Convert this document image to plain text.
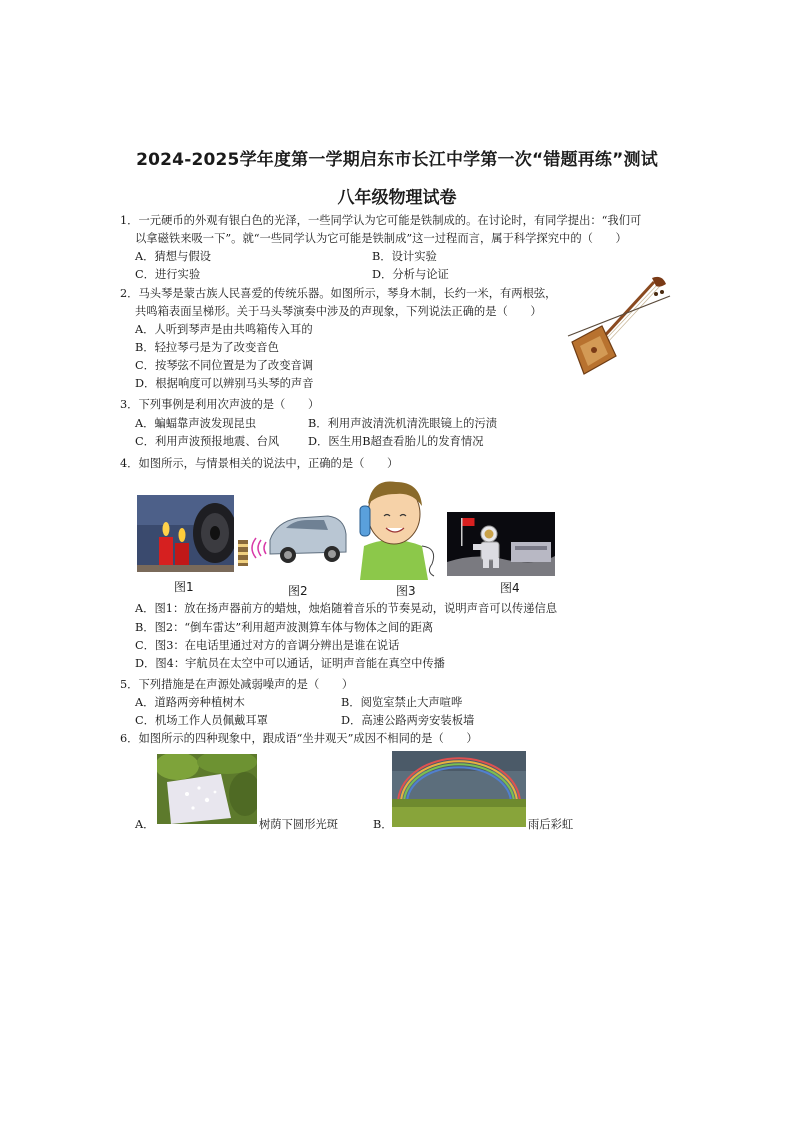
2024-2025学年度第一学期启东市长江中学第一次“错题再练”测试
八年级物理试卷
1．一元硬币的外观有银白色的光泽，一些同学认为它可能是铁制成的。在讨论时，有同学提出：“我们可
以拿磁铁来吸一下”。就“一些同学认为它可能是铁制成”这一过程而言，属于科学探究中的（　　）
A．猜想与假设	B．设计实验
C．进行实验	D．分析与论证
2．马头琴是蒙古族人民喜爱的传统乐器。如图所示，琴身木制，长约一米，有两根弦，
共鸣箱表面呈梯形。关于马头琴演奏中涉及的声现象，下列说法正确的是（　　）
A．人听到琴声是由共鸣箱传入耳的
B．轻拉琴弓是为了改变音色
C．按琴弦不同位置是为了改变音调
D．根据响度可以辨别马头琴的声音
3．下列事例是利用次声波的是（　　）
A．蝙蝠靠声波发现昆虫	B．利用声波清洗机清洗眼镜上的污渍
C．利用声波预报地震、台风	D．医生用B超查看胎儿的发育情况
4．如图所示，与情景相关的说法中，正确的是（　　）
图1	图2	图3	图4
A．图1：放在扬声器前方的蜡烛，烛焰随着音乐的节奏晃动，说明声音可以传递信息
B．图2：“倒车雷达”利用超声波测算车体与物体之间的距离
C．图3：在电话里通过对方的音调分辨出是谁在说话
D．图4：宇航员在太空中可以通话，证明声音能在真空中传播
5．下列措施是在声源处减弱噪声的是（　　）
A．道路两旁种植树木	B．阅览室禁止大声喧哗
C．机场工作人员佩戴耳罩	D．高速公路两旁安装板墙
6．如图所示的四种现象中，跟成语“坐井观天”成因不相同的是（　　）
A．	树荫下圆形光斑	B．	雨后彩虹
